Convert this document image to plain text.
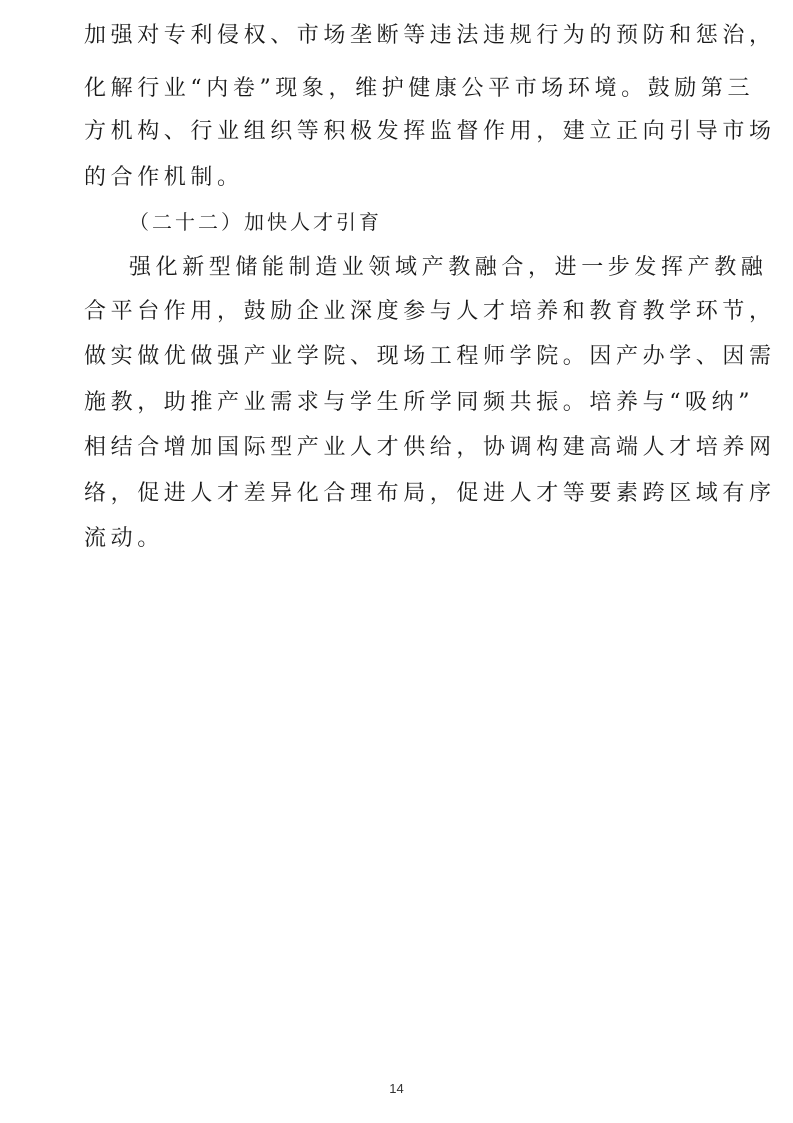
加强对专利侵权、市场垄断等违法违规行为的预防和惩治，
化解行业“内卷”现象，维护健康公平市场环境。鼓励第三
方机构、行业组织等积极发挥监督作用，建立正向引导市场
的合作机制。
（二十二）加快人才引育
强化新型储能制造业领域产教融合，进一步发挥产教融
合平台作用，鼓励企业深度参与人才培养和教育教学环节，
做实做优做强产业学院、现场工程师学院。因产办学、因需
施教，助推产业需求与学生所学同频共振。培养与“吸纳”
相结合增加国际型产业人才供给，协调构建高端人才培养网
络，促进人才差异化合理布局，促进人才等要素跨区域有序
流动。
14
